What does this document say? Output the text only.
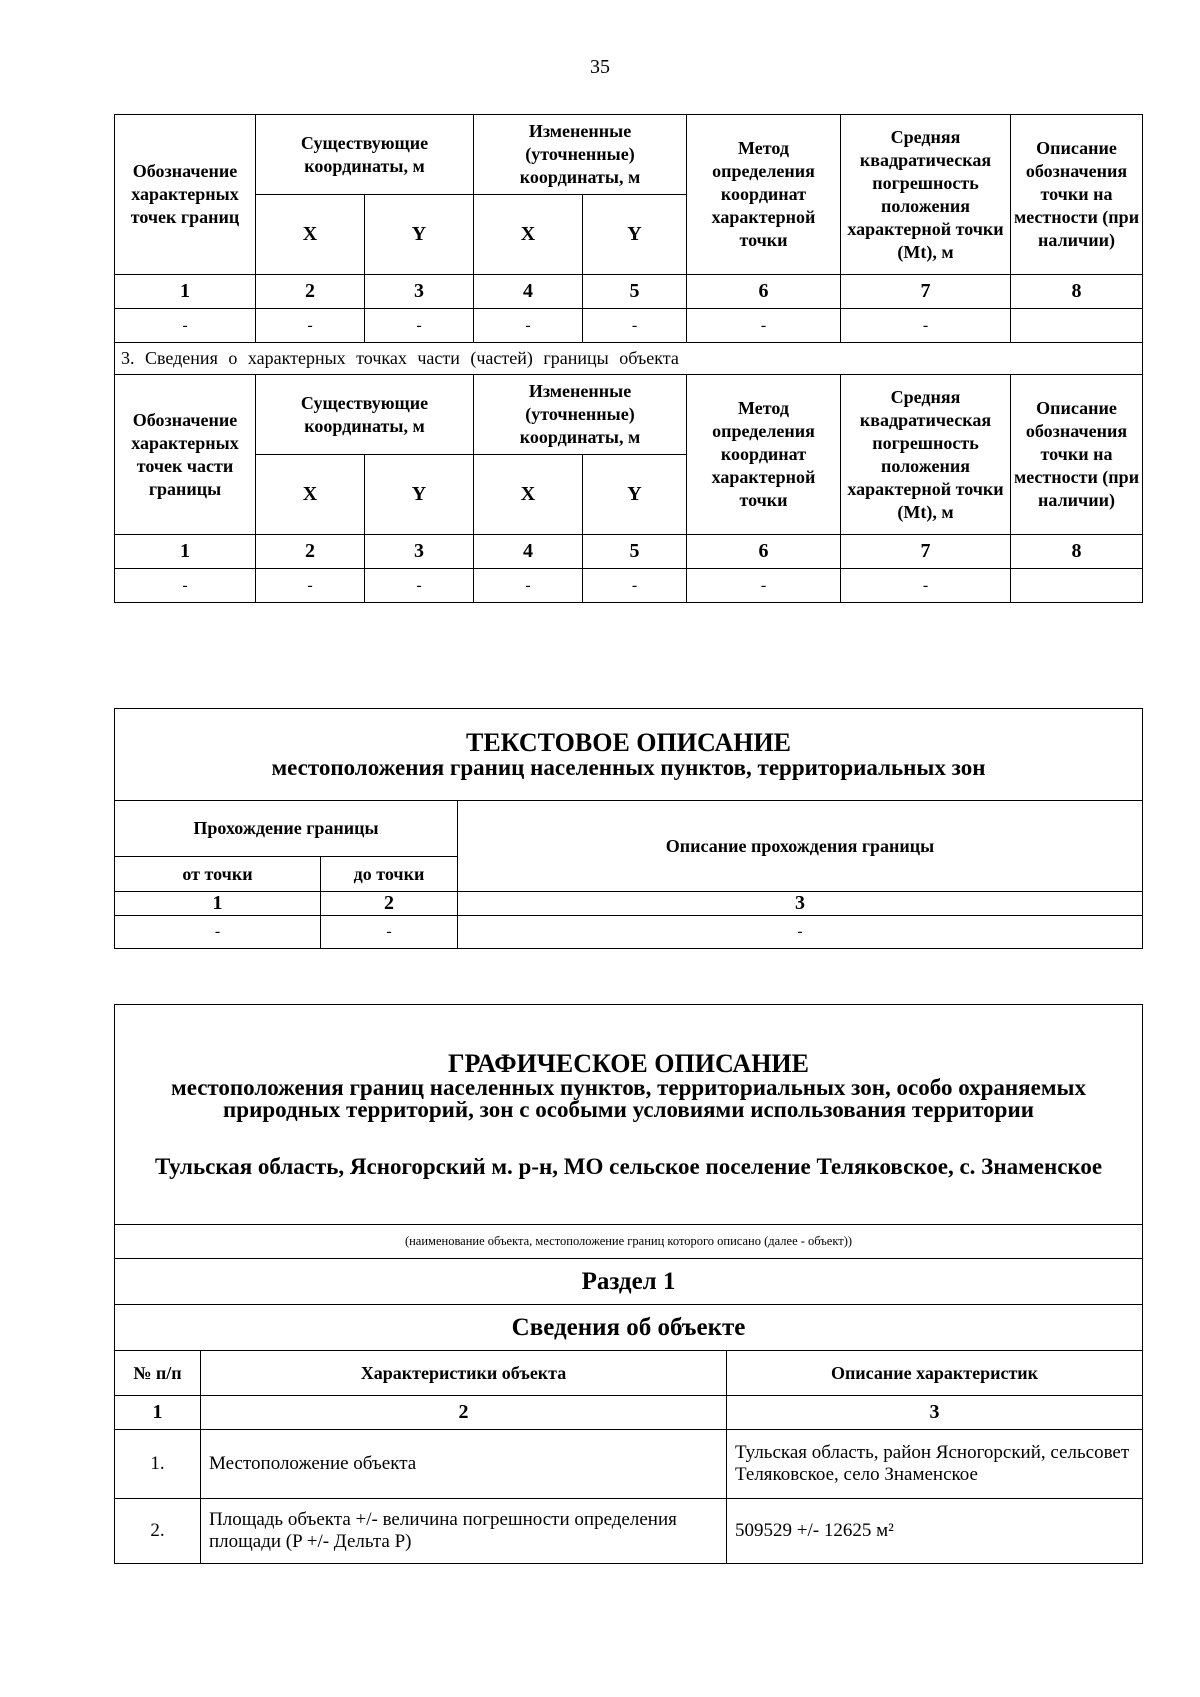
35
Обозначение характерных точек границ	Существующие координаты, м		Измененные (уточненные) координаты, м		Метод определения координат характерной точки	Средняя квадратическая погрешность положения характерной точки (Mt), м	Описание обозначения точки на местности (при наличии)
	X	Y	X	Y			
1	2	3	4	5	6	7	8
-	-	-	-	-	-	-	
3. Сведения о характерных точках части (частей) границы объекта							
Обозначение характерных точек части границы	Существующие координаты, м		Измененные (уточненные) координаты, м		Метод определения координат характерной точки	Средняя квадратическая погрешность положения характерной точки (Mt), м	Описание обозначения точки на местности (при наличии)
	X	Y	X	Y			
1	2	3	4	5	6	7	8
-	-	-	-	-	-	-	
ТЕКСТОВОЕ ОПИСАНИЕ
местоположения границ населенных пунктов, территориальных зон		

Прохождение границы		Описание прохождения границы
от точки	до точки	
1	2	3
-	-	-
ГРАФИЧЕСКОЕ ОПИСАНИЕ
местоположения границ населенных пунктов, территориальных зон, особо охраняемых природных территорий, зон с особыми условиями использования территории
Тульская область, Ясногорский м. р-н, МО сельское поселение Теляковское, с. Знаменское		

(наименование объекта, местоположение границ которого описано (далее - объект))		
Раздел 1		
Сведения об объекте		
№ п/п	Характеристики объекта	Описание характеристик
1	2	3
1.	Местоположение объекта	Тульская область, район Ясногорский, сельсовет Теляковское, село Знаменское
2.	Площадь объекта +/- величина погрешности определения площади (P +/- Дельта P)	509529 +/- 12625 м²
